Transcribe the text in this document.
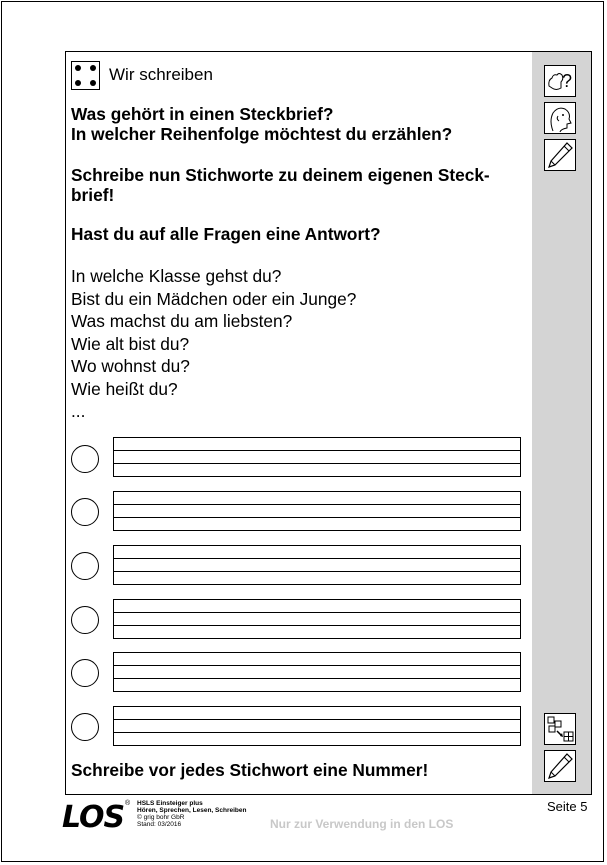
?
Wir schreiben
Was gehört in einen Steckbrief?
In welcher Reihenfolge möchtest du erzählen?
Schreibe nun Stichworte zu deinem eigenen Steck-
brief!
Hast du auf alle Fragen eine Antwort?
In welche Klasse gehst du?
Bist du ein Mädchen oder ein Junge?
Was machst du am liebsten?
Wie alt bist du?
Wo wohnst du?
Wie heißt du?
...
Schreibe vor jedes Stichwort eine Nummer!
LOS ® HSLS Einsteiger plus
Hören, Sprechen, Lesen, Schreiben
© grig bohr GbR
Stand: 03/2016	Nur zur Verwendung in den LOS
Seite 5
